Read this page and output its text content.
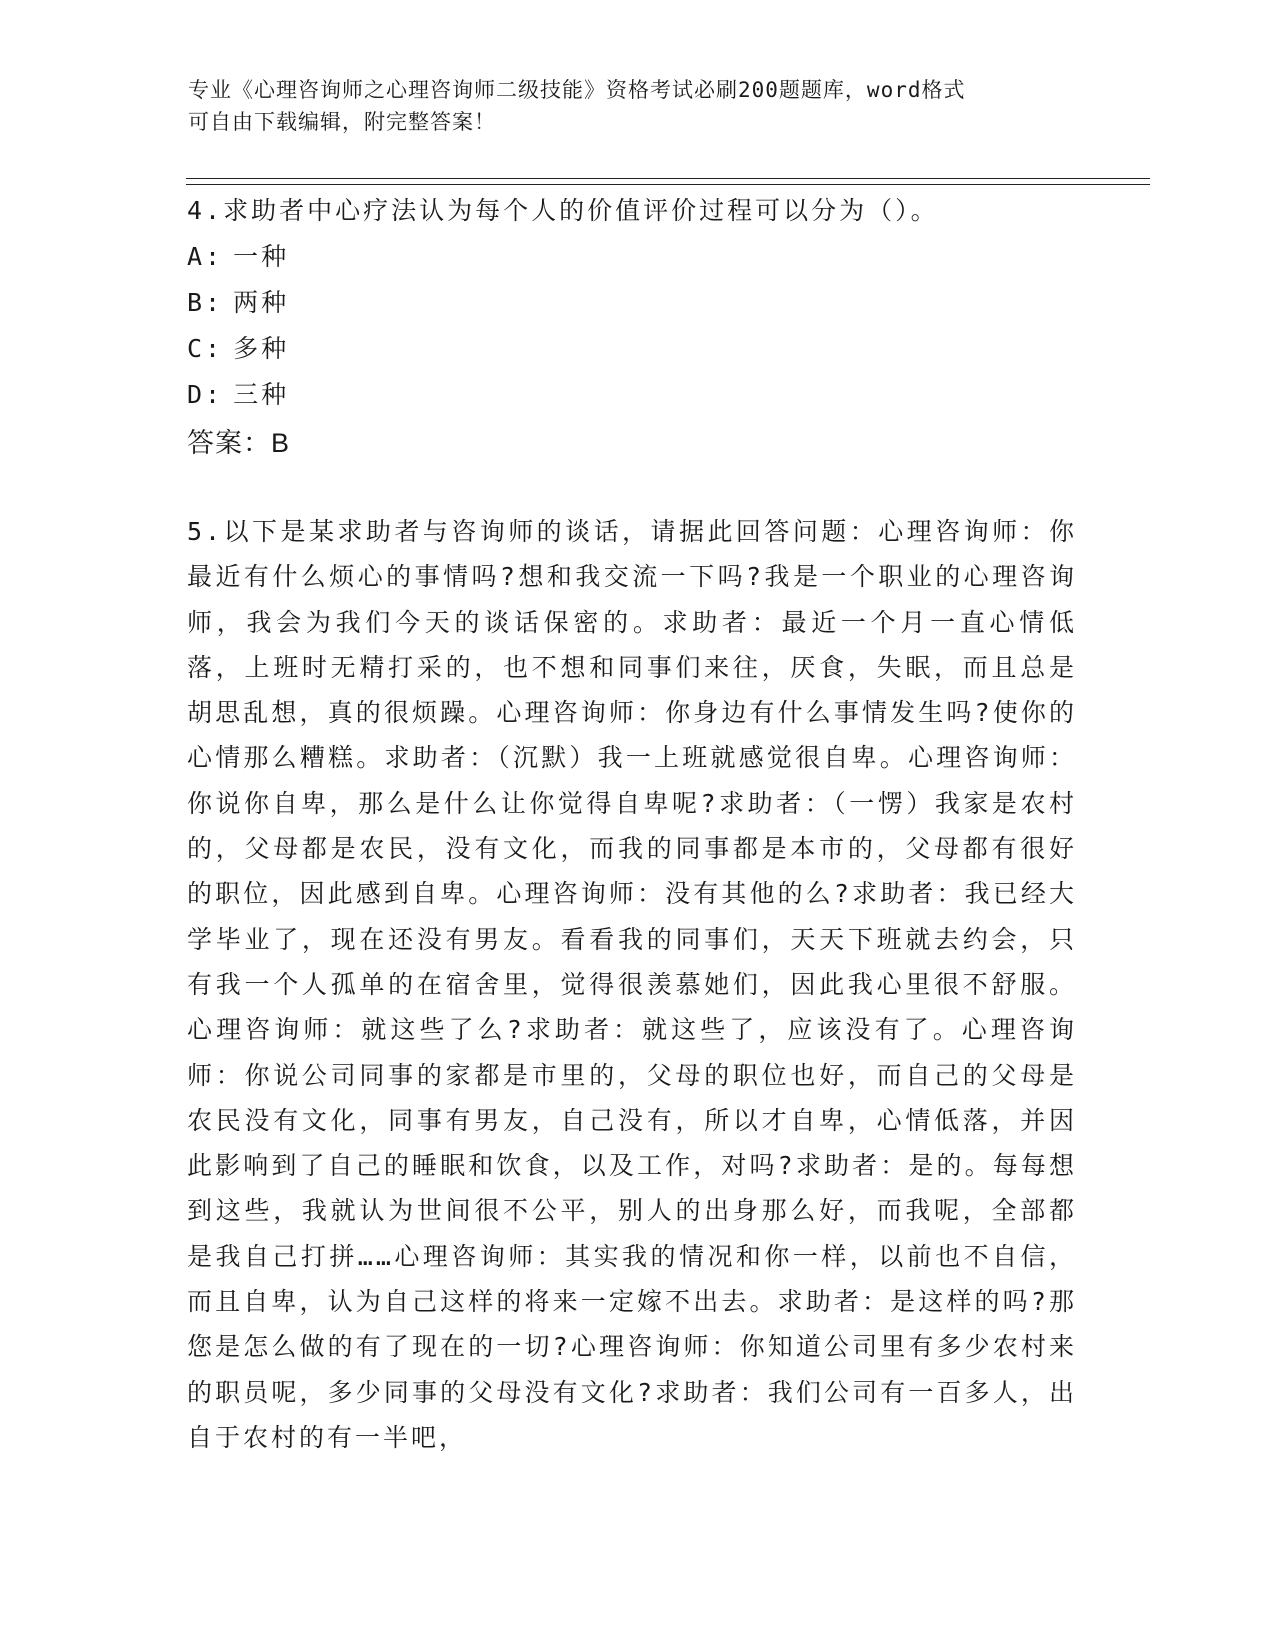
专业《心理咨询师之心理咨询师二级技能》资格考试必刷200题题库，word格式
可自由下载编辑，附完整答案！
4.求助者中心疗法认为每个人的价值评价过程可以分为（）。
A: 一种
B: 两种
C: 多种
D: 三种
答案：B
5.以下是某求助者与咨询师的谈话，请据此回答问题：心理咨询师：你最近有什么烦心的事情吗?想和我交流一下吗?我是一个职业的心理咨询师，我会为我们今天的谈话保密的。求助者：最近一个月一直心情低落，上班时无精打采的，也不想和同事们来往，厌食，失眠，而且总是胡思乱想，真的很烦躁。心理咨询师：你身边有什么事情发生吗?使你的心情那么糟糕。求助者：（沉默）我一上班就感觉很自卑。心理咨询师：你说你自卑，那么是什么让你觉得自卑呢?求助者：（一愣）我家是农村的，父母都是农民，没有文化，而我的同事都是本市的，父母都有很好的职位，因此感到自卑。心理咨询师：没有其他的么?求助者：我已经大学毕业了，现在还没有男友。看看我的同事们，天天下班就去约会，只有我一个人孤单的在宿舍里，觉得很羡慕她们，因此我心里很不舒服。心理咨询师：就这些了么?求助者：就这些了，应该没有了。心理咨询师：你说公司同事的家都是市里的，父母的职位也好，而自己的父母是农民没有文化，同事有男友，自己没有，所以才自卑，心情低落，并因此影响到了自己的睡眠和饮食，以及工作，对吗?求助者：是的。每每想到这些，我就认为世间很不公平，别人的出身那么好，而我呢，全部都是我自己打拼……心理咨询师：其实我的情况和你一样，以前也不自信，而且自卑，认为自己这样的将来一定嫁不出去。求助者：是这样的吗?那您是怎么做的有了现在的一切?心理咨询师：你知道公司里有多少农村来的职员呢，多少同事的父母没有文化?求助者：我们公司有一百多人，出自于农村的有一半吧，
